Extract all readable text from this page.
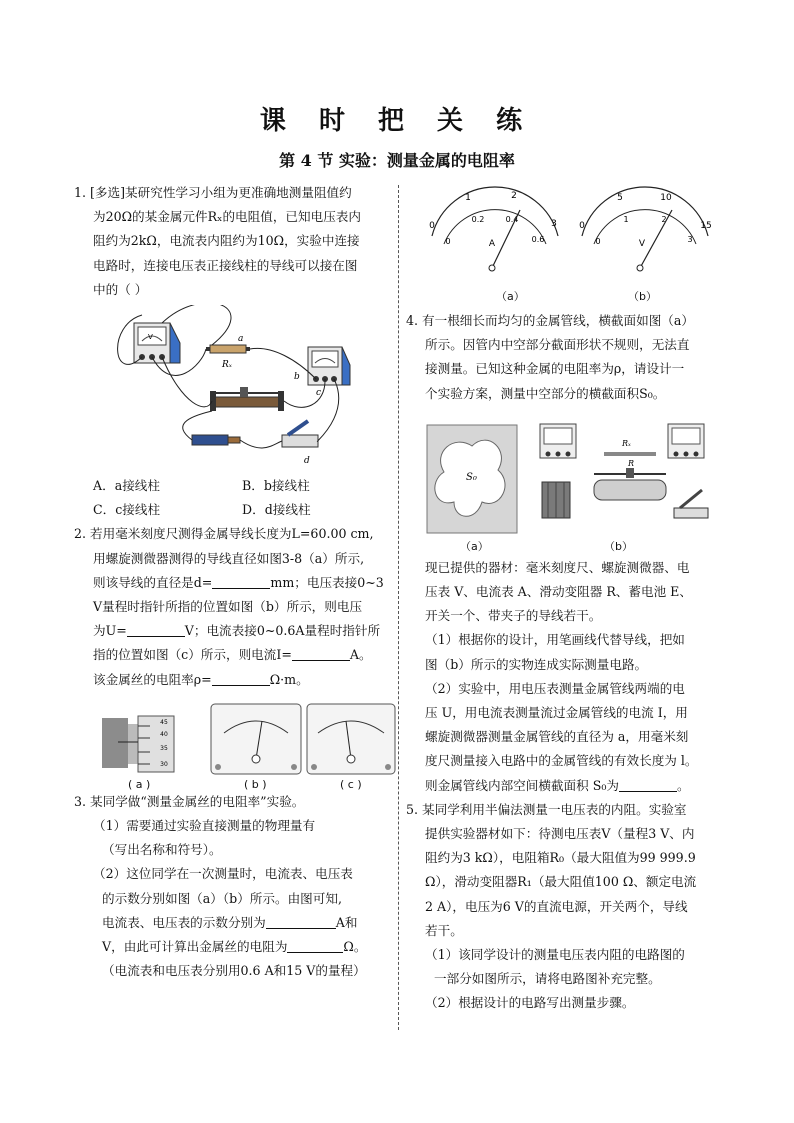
课 时 把 关 练
第 4 节 实验：测量金属的电阻率

1. [多选]某研究性学习小组为更准确地测量阻值约

为20Ω的某金属元件Rₓ的电阻值，已知电压表内

阻约为2kΩ，电流表内阻约为10Ω，实验中连接

电路时，连接电压表正接线柱的导线可以接在图

中的（ ）

A．a接线柱	B．b接线柱
C．c接线柱	D．d接线柱

2. 若用毫米刻度尺测得金属导线长度为L=60.00 cm,

用螺旋测微器测得的导线直径如图3-8（a）所示,

则该导线的直径是d=	mm；电压表接0~3

V量程时指针所指的位置如图（b）所示，则电压

为U=	V；电流表接0~0.6A量程时指针所

指的位置如图（c）所示，则电流I=	A。

该金属丝的电阻率ρ=	Ω·m。

3. 某同学做“测量金属丝的电阻率”实验。

（1）需要通过实验直接测量的物理量有

（写出名称和符号）。

（2）这位同学在一次测量时，电流表、电压表

的示数分别如图（a）（b）所示。由图可知,

电流表、电压表的示数分别为	A和

V，由此可计算出金属丝的电阻为	Ω。

（电流表和电压表分别用0.6 A和15 V的量程）

V	a
Rₓ
b
c
d
45
40
35
30
( a )	( b )	( c )
0
1	2
3
0
0.2	0.4
0.6
A
0
5	10
15
0
1	2
3
V
（a）	（b）

4. 有一根细长而均匀的金属管线，横截面如图（a）

所示。因管内中空部分截面形状不规则，无法直

接测量。已知这种金属的电阻率为ρ，请设计一

个实验方案，测量中空部分的横截面积S₀。

现已提供的器材：毫米刻度尺、螺旋测微器、电

压表 V、电流表 A、滑动变阻器 R、蓄电池 E、

开关一个、带夹子的导线若干。

（1）根据你的设计，用笔画线代替导线，把如

图（b）所示的实物连成实际测量电路。

（2）实验中，用电压表测量金属管线两端的电

压 U，用电流表测量流过金属管线的电流 I，用

螺旋测微器测量金属管线的直径为 a，用毫米刻

度尺测量接入电路中的金属管线的有效长度为 l。

则金属管线内部空间横截面积 S₀为	。

5. 某同学利用半偏法测量一电压表的内阻。实验室

提供实验器材如下：待测电压表V（量程3 V、内

阻约为3 kΩ），电阻箱R₀（最大阻值为99 999.9

Ω），滑动变阻器R₁（最大阻值100 Ω、额定电流

2 A），电压为6 V的直流电源，开关两个，导线

若干。

（1）该同学设计的测量电压表内阻的电路图的

一部分如图所示，请将电路图补充完整。

（2）根据设计的电路写出测量步骤。

S₀
Rₓ
R
（a）	（b）
